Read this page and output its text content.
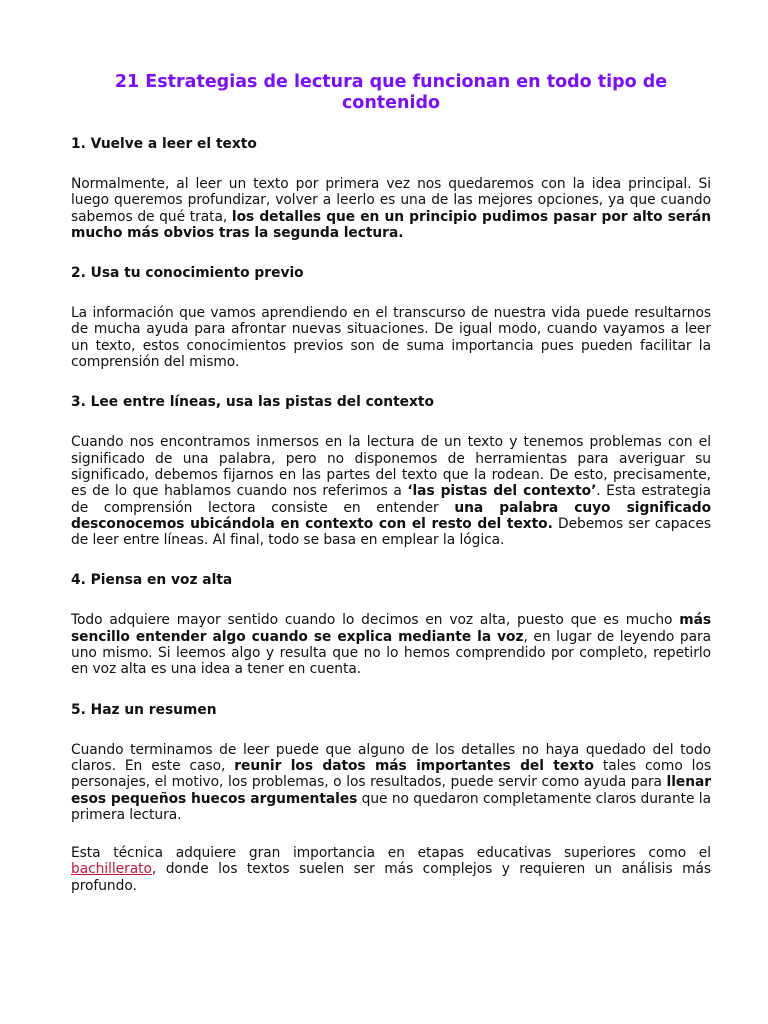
21 Estrategias de lectura que funcionan en todo tipo de contenido
1. Vuelve a leer el texto

Normalmente, al leer un texto por primera vez nos quedaremos con la idea principal. Si luego queremos profundizar, volver a leerlo es una de las mejores opciones, ya que cuando sabemos de qué trata, los detalles que en un principio pudimos pasar por alto serán mucho más obvios tras la segunda lectura.

2. Usa tu conocimiento previo

La información que vamos aprendiendo en el transcurso de nuestra vida puede resultarnos de mucha ayuda para afrontar nuevas situaciones. De igual modo, cuando vayamos a leer un texto, estos conocimientos previos son de suma importancia pues pueden facilitar la comprensión del mismo.

3. Lee entre líneas, usa las pistas del contexto

Cuando nos encontramos inmersos en la lectura de un texto y tenemos problemas con el significado de una palabra, pero no disponemos de herramientas para averiguar su significado, debemos fijarnos en las partes del texto que la rodean. De esto, precisamente, es de lo que hablamos cuando nos referimos a ‘las pistas del contexto’. Esta estrategia de comprensión lectora consiste en entender una palabra cuyo significado desconocemos ubicándola en contexto con el resto del texto. Debemos ser capaces de leer entre líneas. Al final, todo se basa en emplear la lógica.

4. Piensa en voz alta

Todo adquiere mayor sentido cuando lo decimos en voz alta, puesto que es mucho más sencillo entender algo cuando se explica mediante la voz, en lugar de leyendo para uno mismo. Si leemos algo y resulta que no lo hemos comprendido por completo, repetirlo en voz alta es una idea a tener en cuenta.

5. Haz un resumen

Cuando terminamos de leer puede que alguno de los detalles no haya quedado del todo claros. En este caso, reunir los datos más importantes del texto tales como los personajes, el motivo, los problemas, o los resultados, puede servir como ayuda para llenar esos pequeños huecos argumentales que no quedaron completamente claros durante la primera lectura.

Esta técnica adquiere gran importancia en etapas educativas superiores como el bachillerato, donde los textos suelen ser más complejos y requieren un análisis más profundo.
